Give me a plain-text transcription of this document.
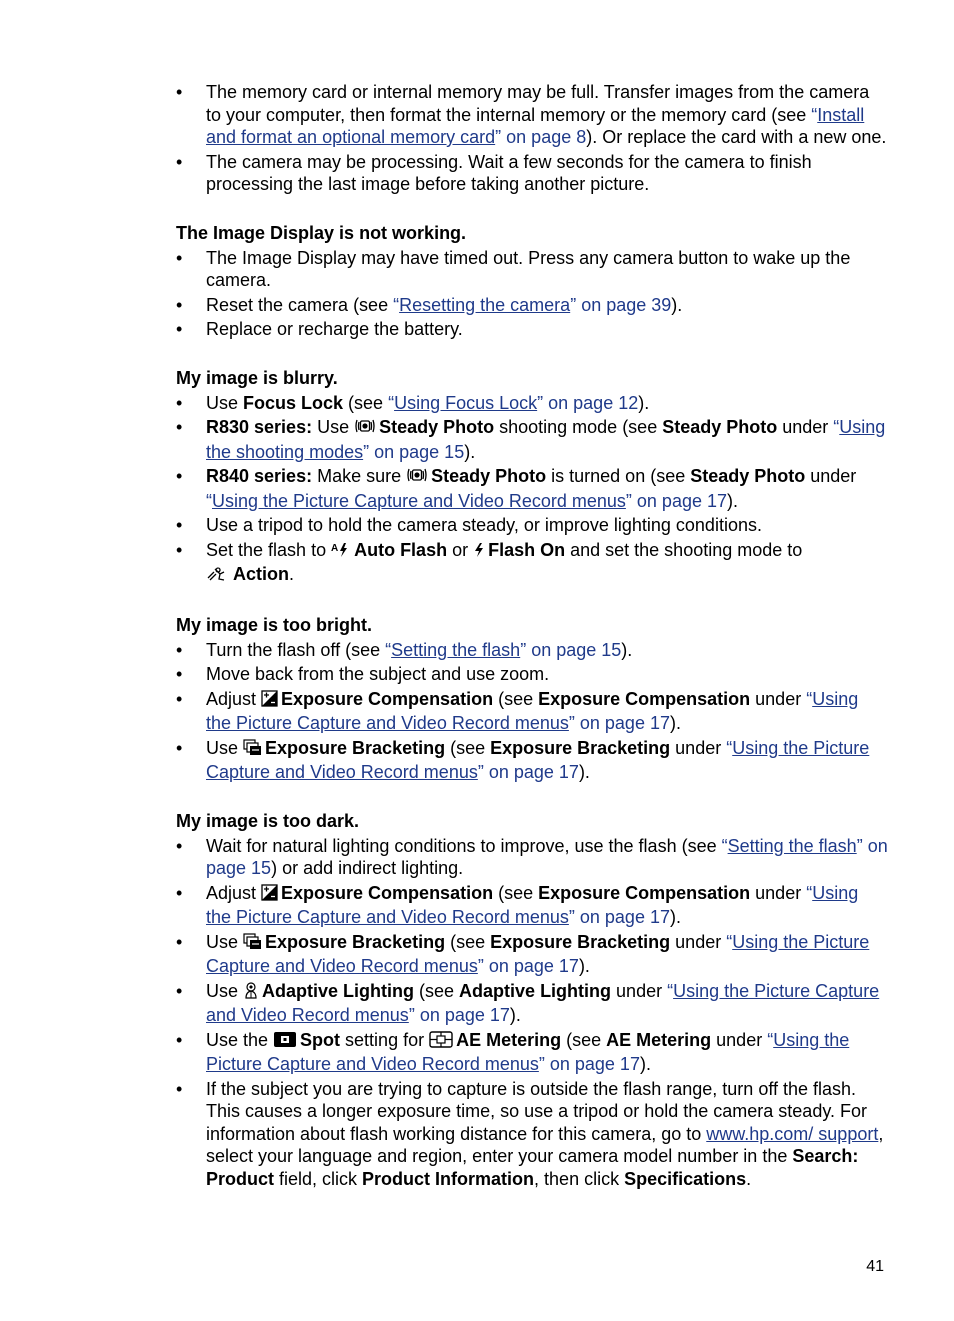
• The memory card or internal memory may be full. Transfer images from the camera to your computer, then format the internal memory or the memory card (see “Install and format an optional memory card” on page 8). Or replace the card with a new one.
• The camera may be processing. Wait a few seconds for the camera to finish processing the last image before taking another picture.
The Image Display is not working.
• The Image Display may have timed out. Press any camera button to wake up the camera.
• Reset the camera (see “Resetting the camera” on page 39).
• Replace or recharge the battery.
My image is blurry.
• Use Focus Lock (see “Using Focus Lock” on page 12).
• R830 series: Use Steady Photo shooting mode (see Steady Photo under “Using the shooting modes” on page 15).
• R840 series: Make sure Steady Photo is turned on (see Steady Photo under “Using the Picture Capture and Video Record menus” on page 17).
• Use a tripod to hold the camera steady, or improve lighting conditions.
• Set the flash to A Auto Flash or Flash On and set the shooting mode to
Action.
My image is too bright.
• Turn the flash off (see “Setting the flash” on page 15).
• Move back from the subject and use zoom.
• Adjust Exposure Compensation (see Exposure Compensation under “Using the Picture Capture and Video Record menus” on page 17).
• Use Exposure Bracketing (see Exposure Bracketing under “Using the Picture Capture and Video Record menus” on page 17).
My image is too dark.
• Wait for natural lighting conditions to improve, use the flash (see “Setting the flash” on page 15) or add indirect lighting.
• Adjust Exposure Compensation (see Exposure Compensation under “Using the Picture Capture and Video Record menus” on page 17).
• Use Exposure Bracketing (see Exposure Bracketing under “Using the Picture Capture and Video Record menus” on page 17).
• Use Adaptive Lighting (see Adaptive Lighting under “Using the Picture Capture and Video Record menus” on page 17).
• Use the Spot setting for AE Metering (see AE Metering under “Using the Picture Capture and Video Record menus” on page 17).
• If the subject you are trying to capture is outside the flash range, turn off the flash. This causes a longer exposure time, so use a tripod or hold the camera steady. For information about flash working distance for this camera, go to www.hp.com/ support, select your language and region, enter your camera model number in the Search: Product field, click Product Information, then click Specifications.
41
